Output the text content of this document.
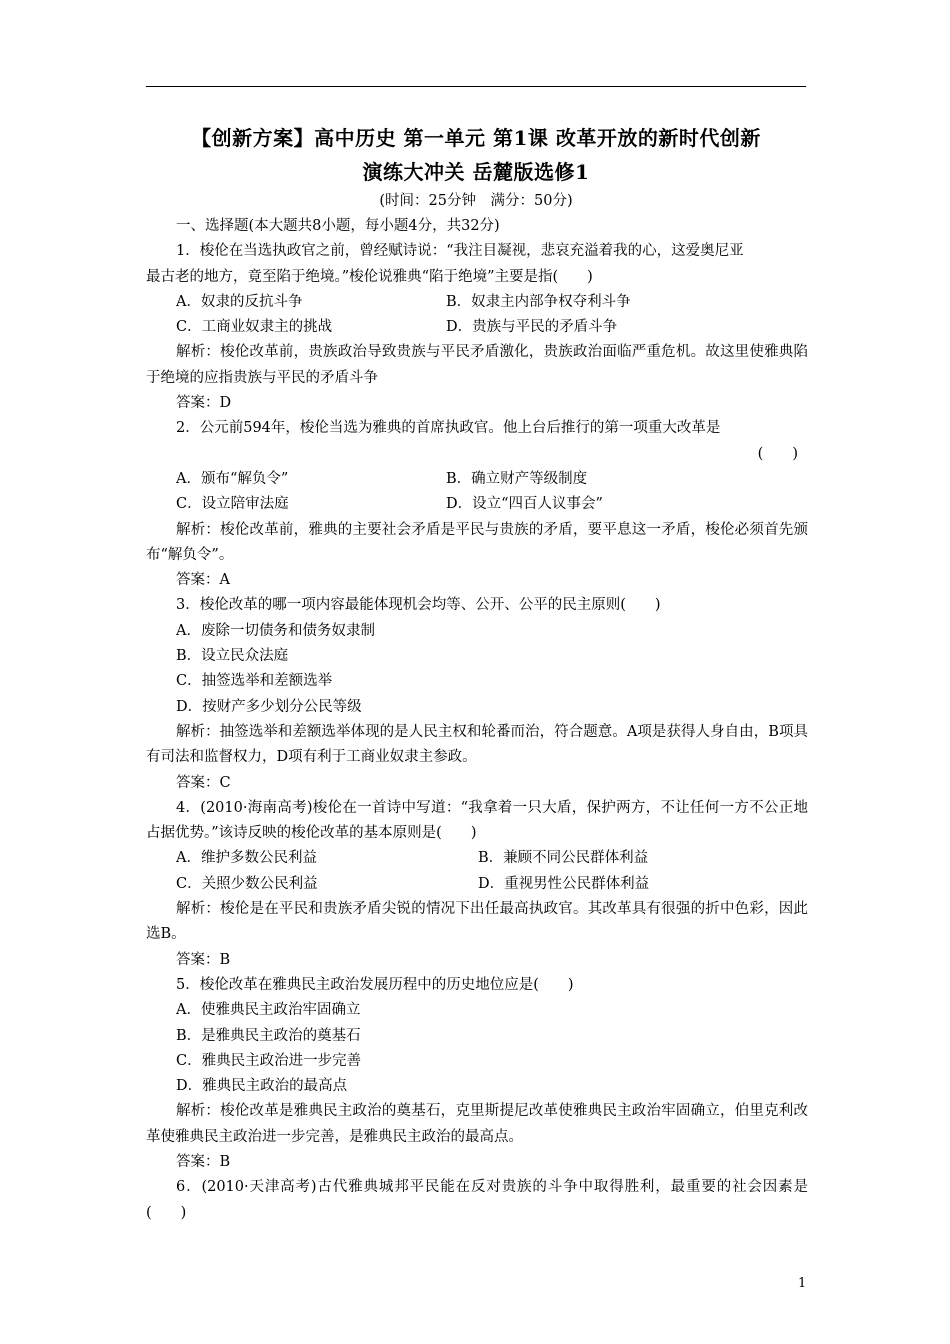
【创新方案】高中历史 第一单元 第1课 改革开放的新时代创新
演练大冲关 岳麓版选修1
(时间：25分钟　满分：50分)
一、选择题(本大题共8小题，每小题4分，共32分)
1．梭伦在当选执政官之前，曾经赋诗说：“我注目凝视，悲哀充溢着我的心，这爱奥尼亚
最古老的地方，竟至陷于绝境。”梭伦说雅典“陷于绝境”主要是指(　　)
A．奴隶的反抗斗争	B．奴隶主内部争权夺利斗争
C．工商业奴隶主的挑战	D．贵族与平民的矛盾斗争
解析：梭伦改革前，贵族政治导致贵族与平民矛盾激化，贵族政治面临严重危机。故这里使雅典陷于绝境的应指贵族与平民的矛盾斗争
答案：D
2．公元前594年，梭伦当选为雅典的首席执政官。他上台后推行的第一项重大改革是
(　　)
A．颁布“解负令”	B．确立财产等级制度
C．设立陪审法庭	D．设立“四百人议事会”
解析：梭伦改革前，雅典的主要社会矛盾是平民与贵族的矛盾，要平息这一矛盾，梭伦必须首先颁布“解负令”。
答案：A
3．梭伦改革的哪一项内容最能体现机会均等、公开、公平的民主原则(　　)
A．废除一切债务和债务奴隶制
B．设立民众法庭
C．抽签选举和差额选举
D．按财产多少划分公民等级
解析：抽签选举和差额选举体现的是人民主权和轮番而治，符合题意。A项是获得人身自由，B项具有司法和监督权力，D项有利于工商业奴隶主参政。
答案：C
4．(2010·海南高考)梭伦在一首诗中写道：“我拿着一只大盾，保护两方，不让任何一方不公正地占据优势。”该诗反映的梭伦改革的基本原则是(　　)
A．维护多数公民利益	B．兼顾不同公民群体利益
C．关照少数公民利益	D．重视男性公民群体利益
解析：梭伦是在平民和贵族矛盾尖锐的情况下出任最高执政官。其改革具有很强的折中色彩，因此选B。
答案：B
5．梭伦改革在雅典民主政治发展历程中的历史地位应是(　　)
A．使雅典民主政治牢固确立
B．是雅典民主政治的奠基石
C．雅典民主政治进一步完善
D．雅典民主政治的最高点
解析：梭伦改革是雅典民主政治的奠基石，克里斯提尼改革使雅典民主政治牢固确立，伯里克利改革使雅典民主政治进一步完善，是雅典民主政治的最高点。
答案：B
6．(2010·天津高考)古代雅典城邦平民能在反对贵族的斗争中取得胜利，最重要的社会因素是(　　)
1
